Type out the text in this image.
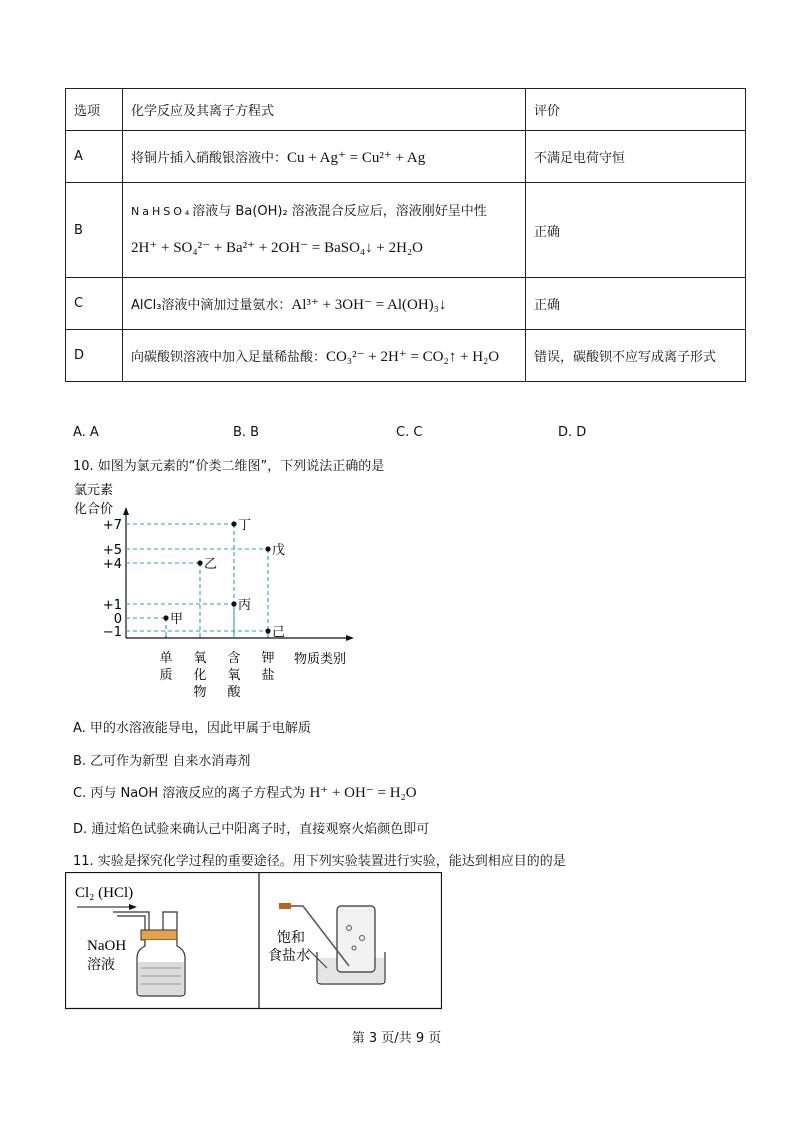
选项	化学反应及其离子方程式	评价
A	将铜片插入硝酸银溶液中：Cu + Ag⁺ = Cu²⁺ + Ag	不满足电荷守恒
B	NaHSO₄溶液与 Ba(OH)₂ 溶液混合反应后，溶液刚好呈中性
2H⁺ + SO₄²⁻ + Ba²⁺ + 2OH⁻ = BaSO₄↓ + 2H₂O	正确
C	AlCl₃溶液中滴加过量氨水：Al³⁺ + 3OH⁻ = Al(OH)₃↓	正确
D	向碳酸钡溶液中加入足量稀盐酸：CO₃²⁻ + 2H⁺ = CO₂↑ + H₂O	错误，碳酸钡不应写成离子形式
A. A	B. B	C. C	D. D
10. 如图为氯元素的“价类二维图”，下列说法正确的是
氯元素
化合价
物质类别
+7
+5
+4
+1
0
−1
单
质
氧
化
物
含
氧
酸
钾
盐
甲
乙
丙
丁
戊
己
A. 甲的水溶液能导电，因此甲属于电解质
B. 乙可作为新型 自来水消毒剂
C. 丙与 NaOH 溶液反应的离子方程式为 H⁺ + OH⁻ = H₂O
D. 通过焰色试验来确认己中阳离子时，直接观察火焰颜色即可
11. 实验是探究化学过程的重要途径。用下列实验装置进行实验，能达到相应目的的是
Cl₂ (HCl)
NaOH
溶液
饱和
食盐水
第 3 页/共 9 页
